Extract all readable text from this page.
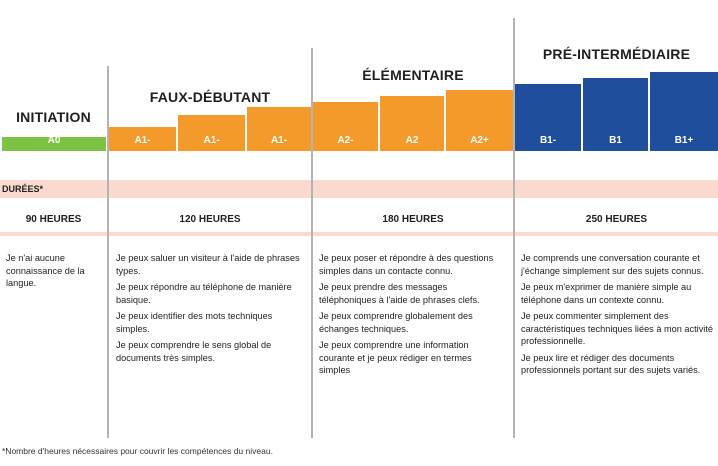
INITIATION
FAUX-DÉBUTANT
ÉLÉMENTAIRE
PRÉ-INTERMÉDIAIRE
A0	A1-	A1-	A1-	A2-	A2	A2+	B1-	B1	B1+
DURÉES*
90 HEURES	120 HEURES	180 HEURES	250 HEURES

Je n'ai aucune connaissance de la langue.

Je peux saluer un visiteur à l'aide de phrases types.

Je peux répondre au téléphone de manière basique.

Je peux identifier des mots techniques simples.

Je peux comprendre le sens global de documents très simples.

Je peux poser et répondre à des questions simples dans un contacte connu.

Je peux prendre des messages téléphoniques à l'aide de phrases clefs.

Je peux comprendre globalement des échanges techniques.

Je peux comprendre une information courante et je peux rédiger en termes simples

Je comprends une conversation courante et j'échange simplement sur des sujets connus.

Je peux m'exprimer de manière simple au téléphone dans un contexte connu.

Je peux commenter simplement des caractéristiques techniques liées à mon activité professionnelle.

Je peux lire et rédiger des documents professionnels portant sur des sujets variés.

*Nombre d'heures nécessaires pour couvrir les compétences du niveau.
